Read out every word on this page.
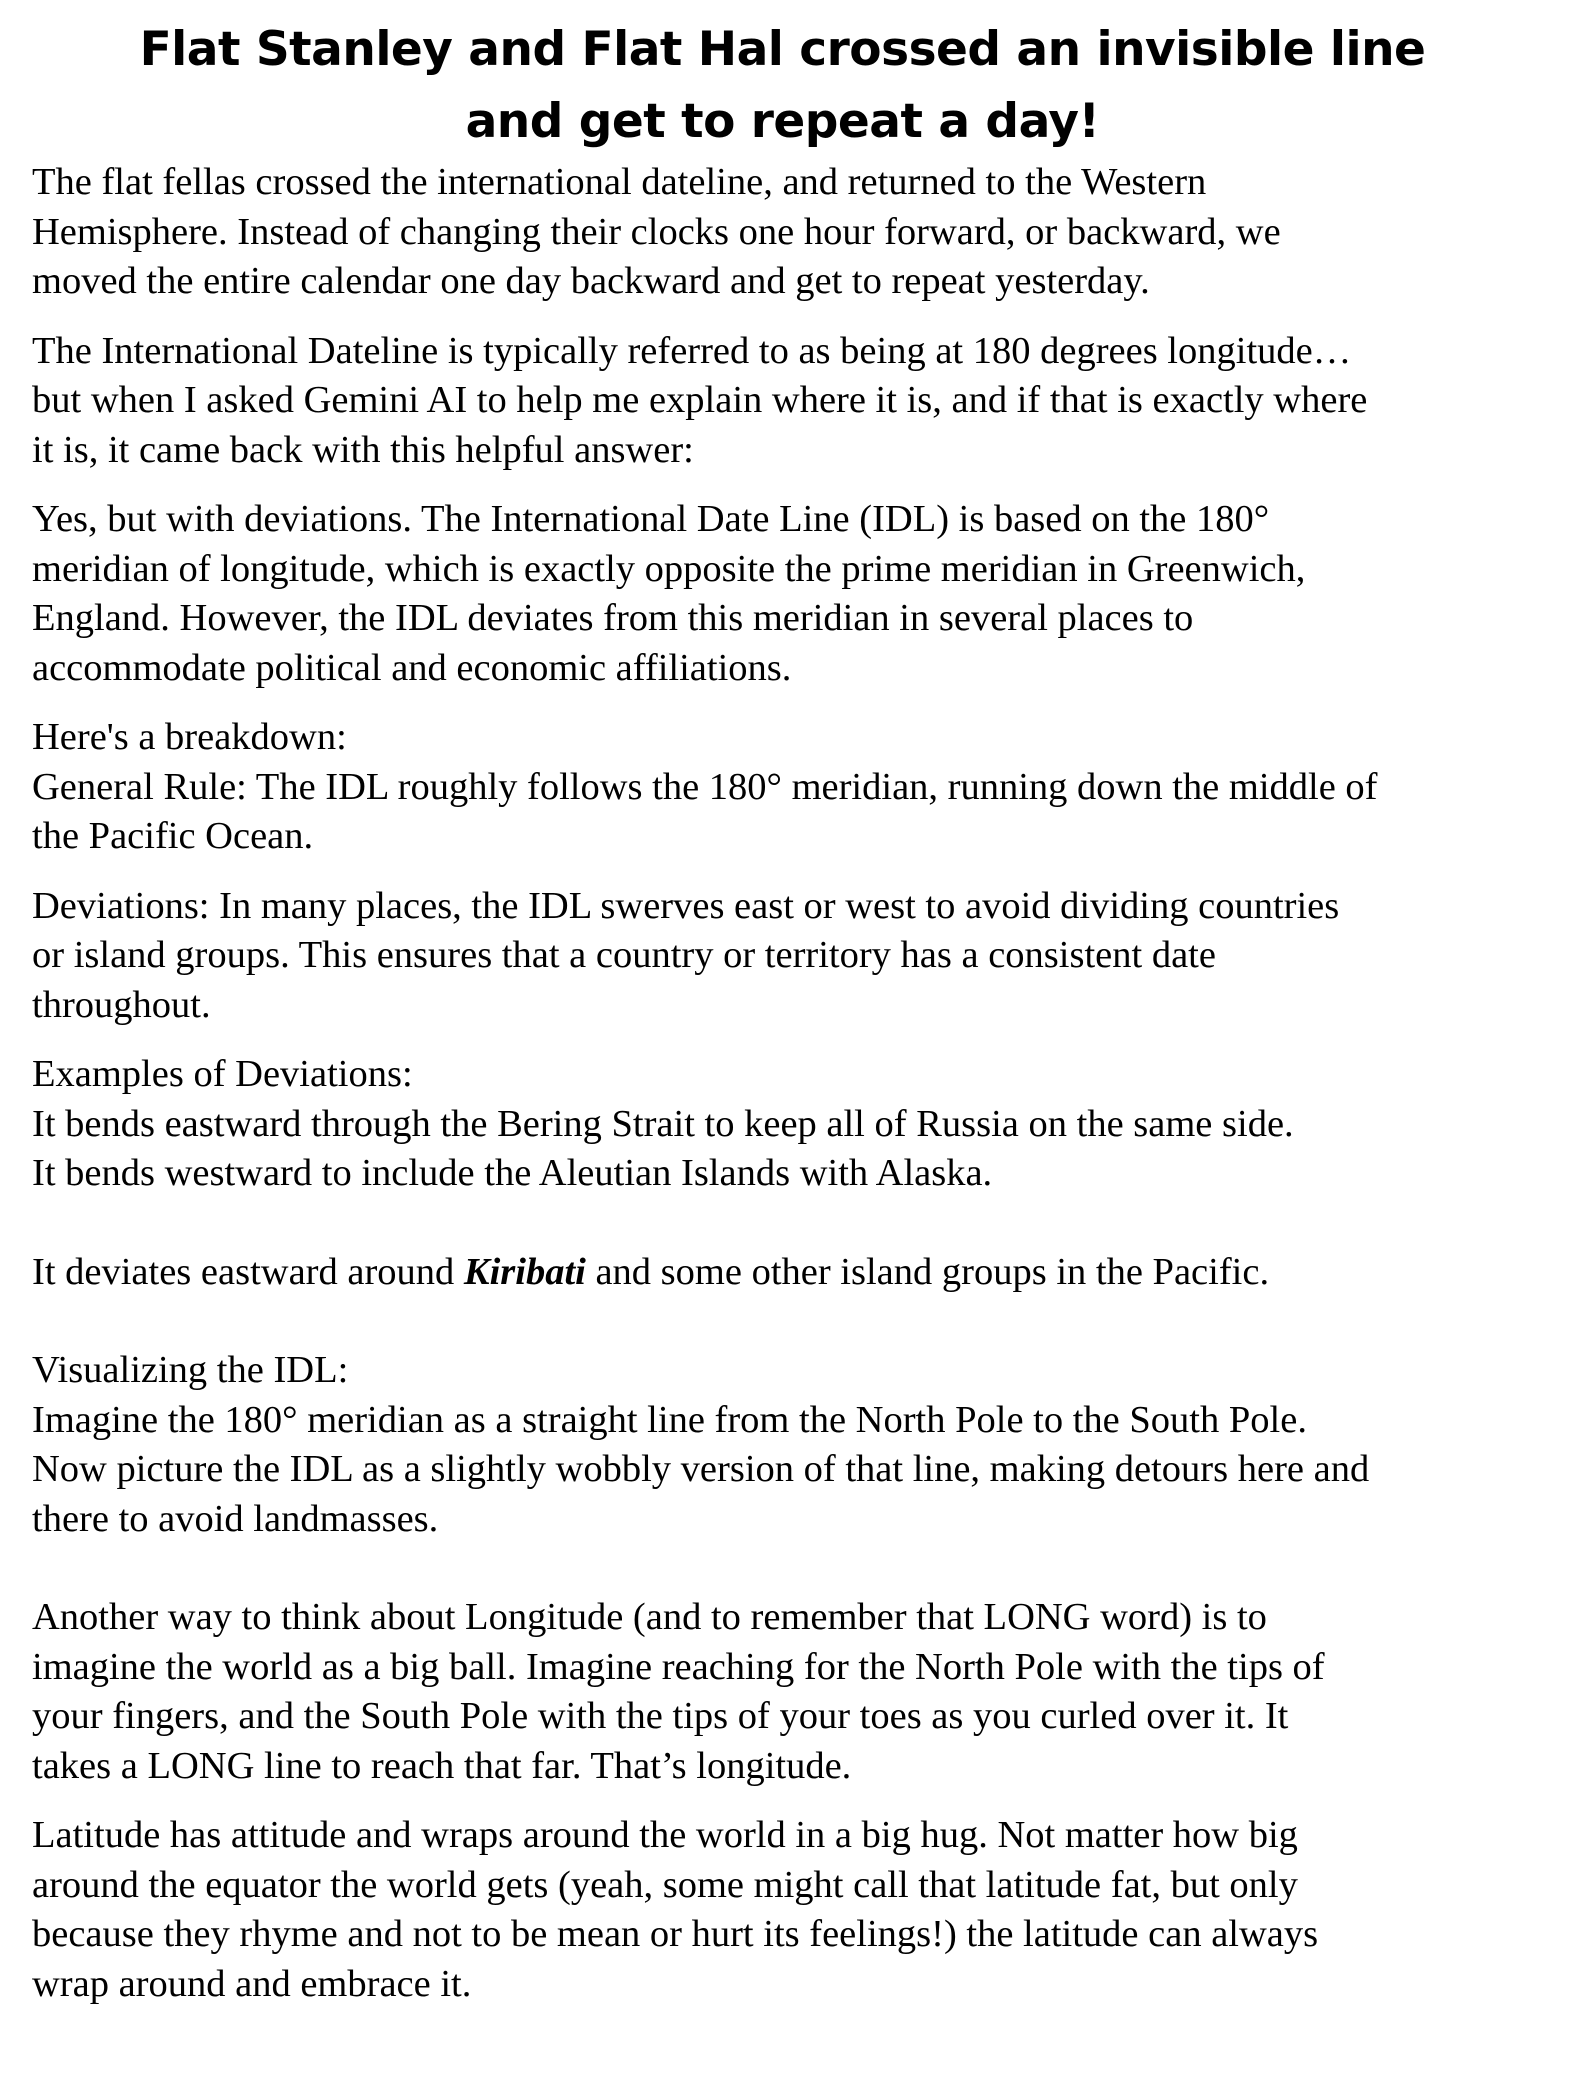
Flat Stanley and Flat Hal crossed an invisible line
and get to repeat a day!
The flat fellas crossed the international dateline, and returned to the Western
Hemisphere. Instead of changing their clocks one hour forward, or backward, we
moved the entire calendar one day backward and get to repeat yesterday.
The International Dateline is typically referred to as being at 180 degrees longitude…
but when I asked Gemini AI to help me explain where it is, and if that is exactly where
it is, it came back with this helpful answer:
Yes, but with deviations. The International Date Line (IDL) is based on the 180°
meridian of longitude, which is exactly opposite the prime meridian in Greenwich,
England. However, the IDL deviates from this meridian in several places to
accommodate political and economic affiliations.
Here's a breakdown:
General Rule: The IDL roughly follows the 180° meridian, running down the middle of
the Pacific Ocean.
Deviations: In many places, the IDL swerves east or west to avoid dividing countries
or island groups. This ensures that a country or territory has a consistent date
throughout.
Examples of Deviations:
It bends eastward through the Bering Strait to keep all of Russia on the same side.
It bends westward to include the Aleutian Islands with Alaska.
It deviates eastward around Kiribati and some other island groups in the Pacific.
Visualizing the IDL:
Imagine the 180° meridian as a straight line from the North Pole to the South Pole.
Now picture the IDL as a slightly wobbly version of that line, making detours here and
there to avoid landmasses.
Another way to think about Longitude (and to remember that LONG word) is to
imagine the world as a big ball. Imagine reaching for the North Pole with the tips of
your fingers, and the South Pole with the tips of your toes as you curled over it. It
takes a LONG line to reach that far. That’s longitude.
Latitude has attitude and wraps around the world in a big hug. Not matter how big
around the equator the world gets (yeah, some might call that latitude fat, but only
because they rhyme and not to be mean or hurt its feelings!) the latitude can always
wrap around and embrace it.
